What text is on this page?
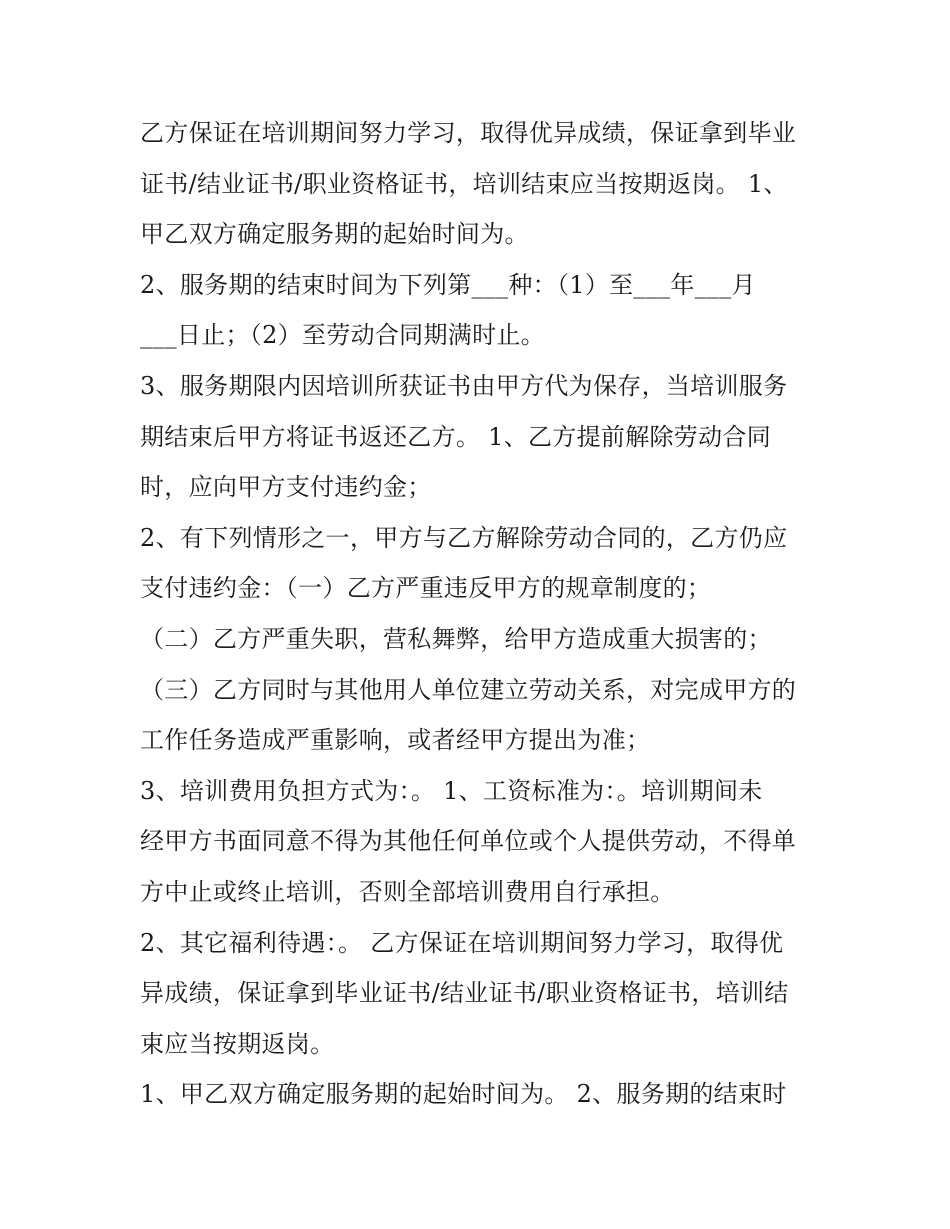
乙方保证在培训期间努力学习，取得优异成绩，保证拿到毕业
证书/结业证书/职业资格证书，培训结束应当按期返岗。 1、
甲乙双方确定服务期的起始时间为。
2、服务期的结束时间为下列第___种：（1）至___年___月
___日止；（2）至劳动合同期满时止。
3、服务期限内因培训所获证书由甲方代为保存，当培训服务
期结束后甲方将证书返还乙方。 1、乙方提前解除劳动合同
时，应向甲方支付违约金；
2、有下列情形之一，甲方与乙方解除劳动合同的，乙方仍应
支付违约金：（一）乙方严重违反甲方的规章制度的；
（二）乙方严重失职，营私舞弊，给甲方造成重大损害的；
（三）乙方同时与其他用人单位建立劳动关系，对完成甲方的
工作任务造成严重影响，或者经甲方提出为准；
3、培训费用负担方式为：。 1、工资标准为：。培训期间未
经甲方书面同意不得为其他任何单位或个人提供劳动，不得单
方中止或终止培训，否则全部培训费用自行承担。
2、其它福利待遇：。 乙方保证在培训期间努力学习，取得优
异成绩，保证拿到毕业证书/结业证书/职业资格证书，培训结
束应当按期返岗。
1、甲乙双方确定服务期的起始时间为。 2、服务期的结束时
